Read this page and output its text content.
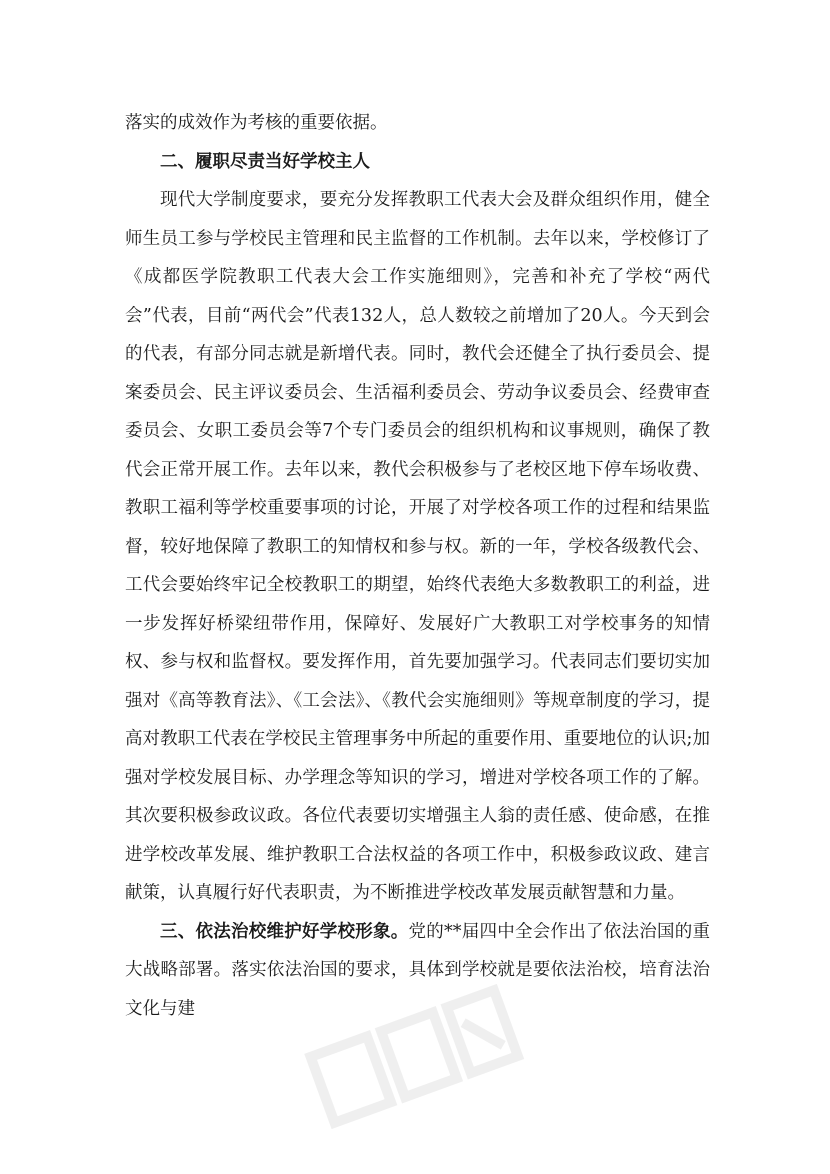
落实的成效作为考核的重要依据。

二、履职尽责当好学校主人

现代大学制度要求，要充分发挥教职工代表大会及群众组织作用，健全师生员工参与学校民主管理和民主监督的工作机制。去年以来，学校修订了《成都医学院教职工代表大会工作实施细则》，完善和补充了学校“两代会”代表，目前“两代会”代表132人，总人数较之前增加了20人。今天到会的代表，有部分同志就是新增代表。同时，教代会还健全了执行委员会、提案委员会、民主评议委员会、生活福利委员会、劳动争议委员会、经费审查委员会、女职工委员会等7个专门委员会的组织机构和议事规则，确保了教代会正常开展工作。去年以来，教代会积极参与了老校区地下停车场收费、教职工福利等学校重要事项的讨论，开展了对学校各项工作的过程和结果监督，较好地保障了教职工的知情权和参与权。新的一年，学校各级教代会、工代会要始终牢记全校教职工的期望，始终代表绝大多数教职工的利益，进一步发挥好桥梁纽带作用，保障好、发展好广大教职工对学校事务的知情权、参与权和监督权。要发挥作用，首先要加强学习。代表同志们要切实加强对《高等教育法》、《工会法》、《教代会实施细则》等规章制度的学习，提高对教职工代表在学校民主管理事务中所起的重要作用、重要地位的认识;加强对学校发展目标、办学理念等知识的学习，增进对学校各项工作的了解。其次要积极参政议政。各位代表要切实增强主人翁的责任感、使命感，在推进学校改革发展、维护教职工合法权益的各项工作中，积极参政议政、建言献策，认真履行好代表职责，为不断推进学校改革发展贡献智慧和力量。

三、依法治校维护好学校形象。党的**届四中全会作出了依法治国的重大战略部署。落实依法治国的要求，具体到学校就是要依法治校，培育法治文化与建
